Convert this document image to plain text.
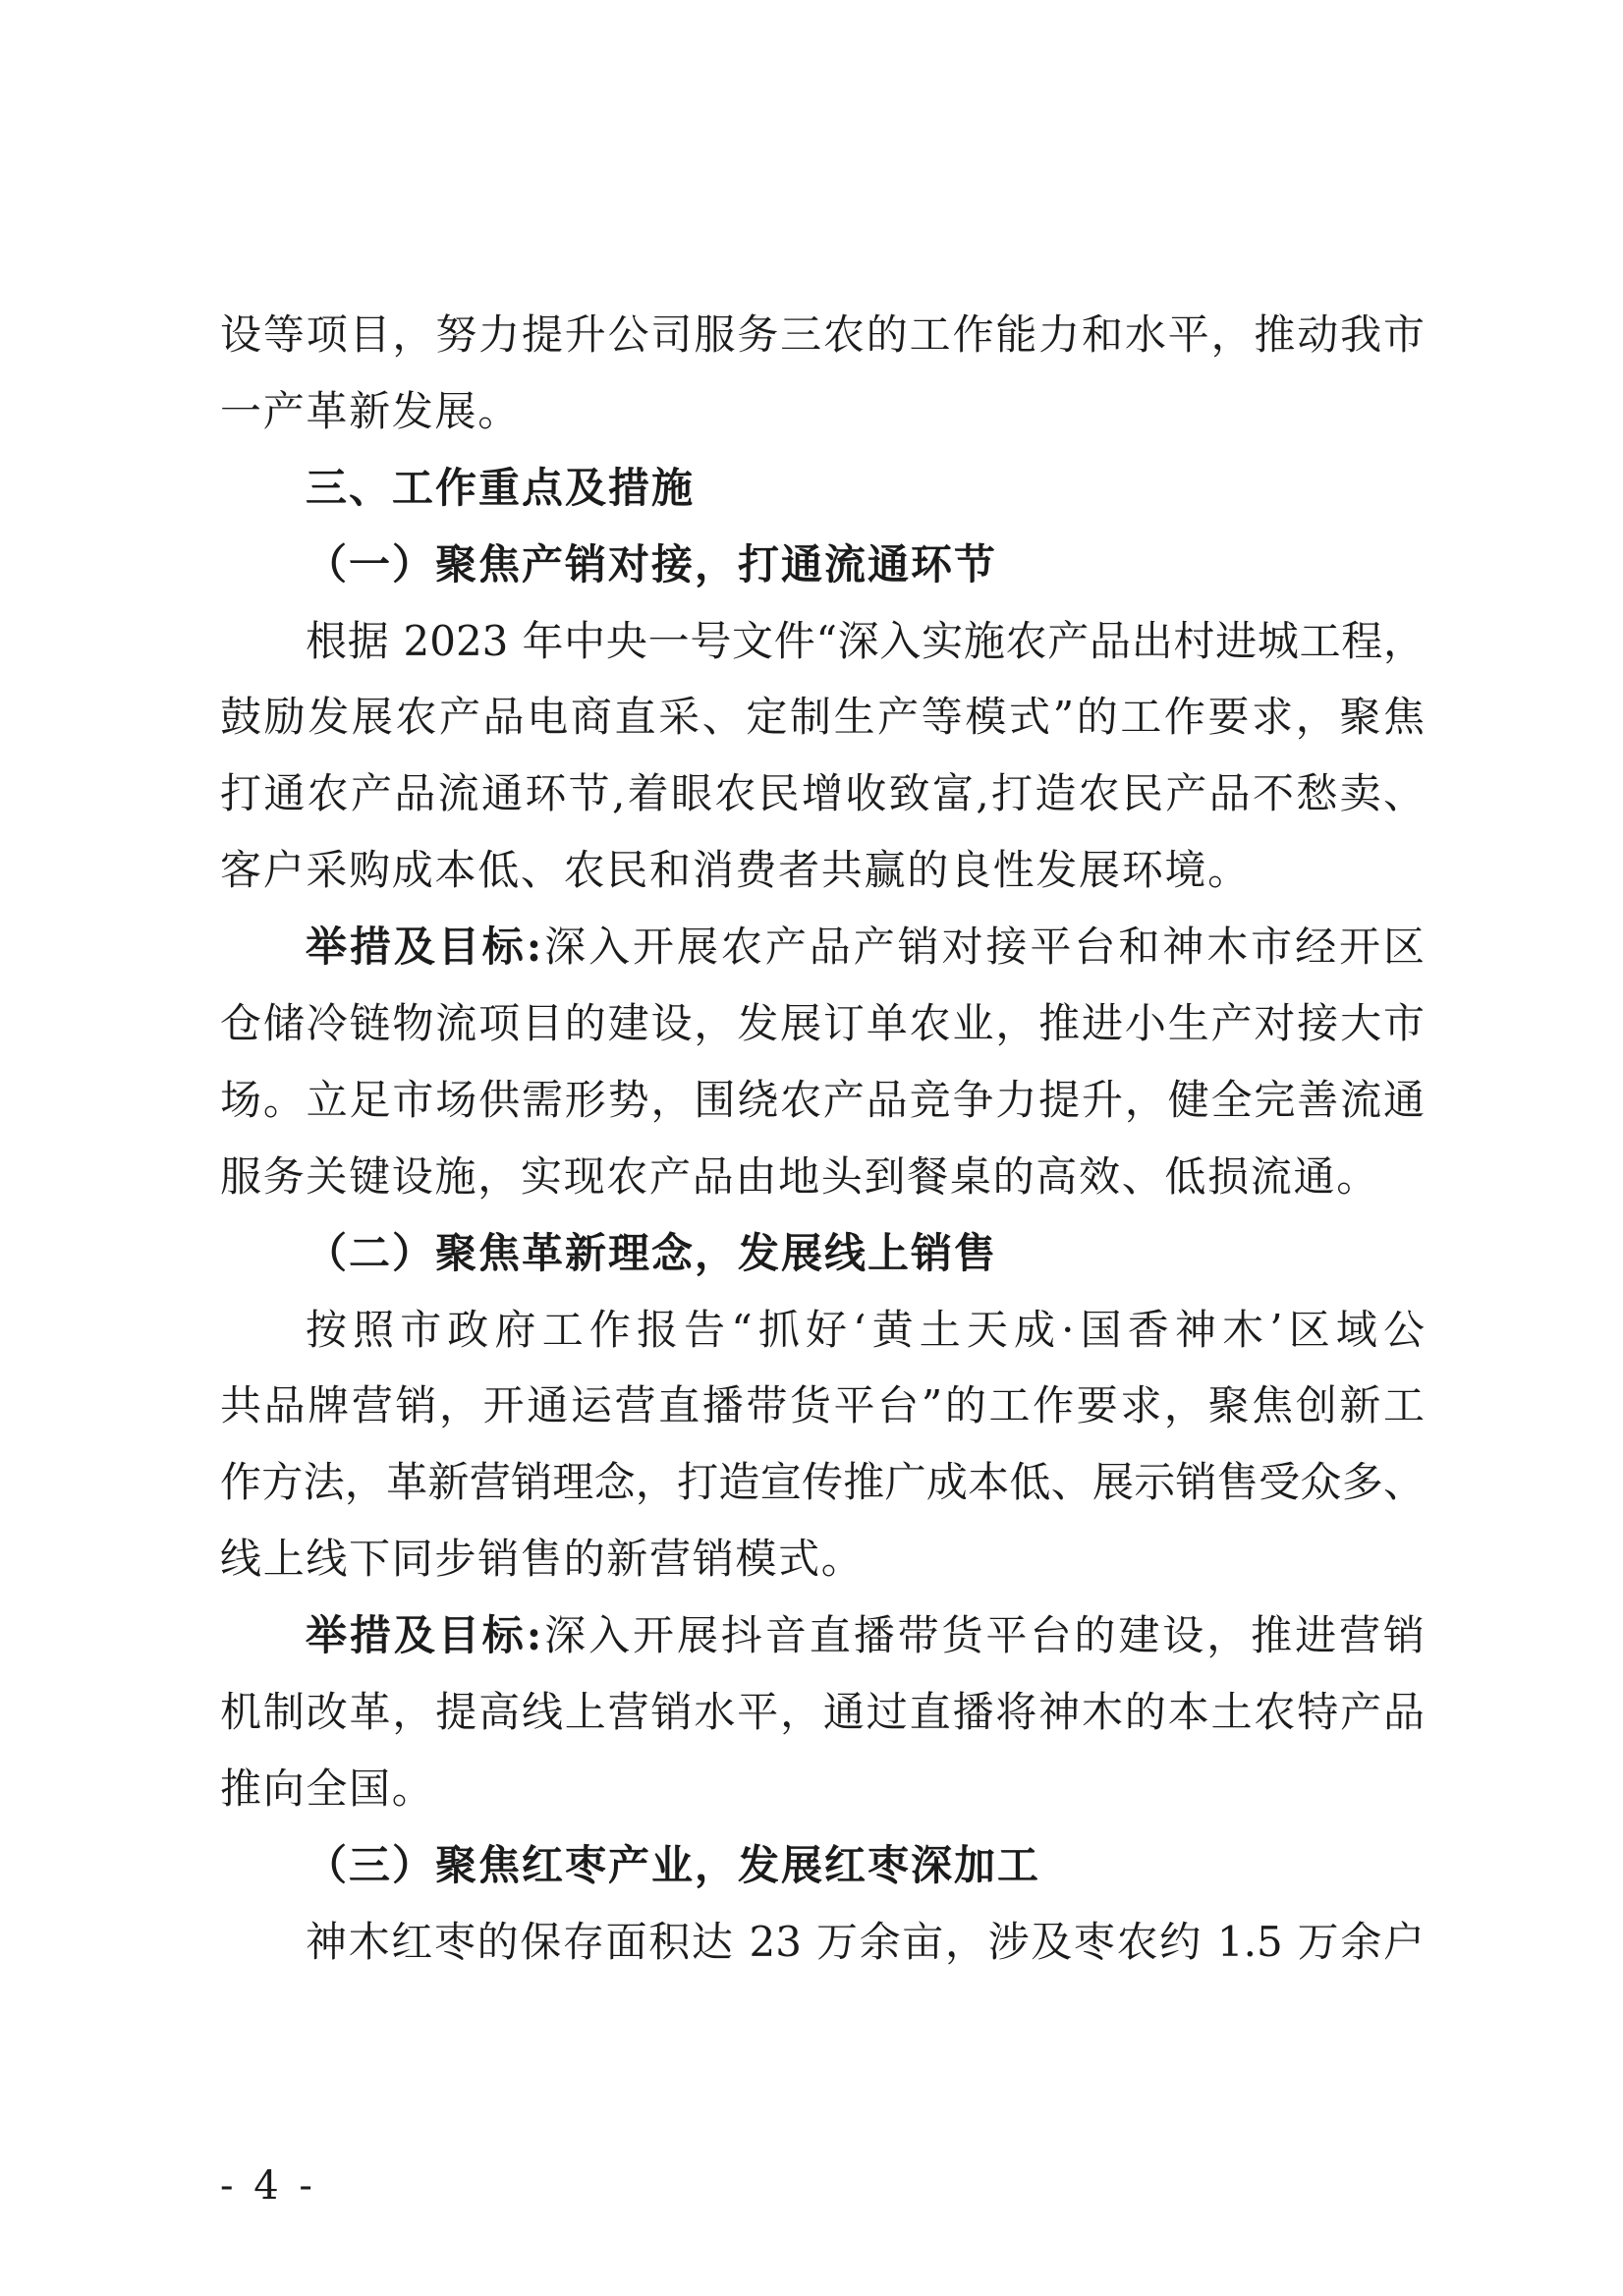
设等项目，努力提升公司服务三农的工作能力和水平，推动我市
一产革新发展。
三、工作重点及措施
（一）聚焦产销对接，打通流通环节
根据 2023 年中央一号文件“深入实施农产品出村进城工程，
鼓励发展农产品电商直采、定制生产等模式”的工作要求，聚焦
打通农产品流通环节,着眼农民增收致富,打造农民产品不愁卖、
客户采购成本低、农民和消费者共赢的良性发展环境。
举措及目标:深入开展农产品产销对接平台和神木市经开区
仓储冷链物流项目的建设，发展订单农业，推进小生产对接大市
场。立足市场供需形势，围绕农产品竞争力提升，健全完善流通
服务关键设施，实现农产品由地头到餐桌的高效、低损流通。
（二）聚焦革新理念，发展线上销售
按照市政府工作报告“抓好‘黄土天成·国香神木’区域公
共品牌营销，开通运营直播带货平台”的工作要求，聚焦创新工
作方法，革新营销理念，打造宣传推广成本低、展示销售受众多、
线上线下同步销售的新营销模式。
举措及目标:深入开展抖音直播带货平台的建设，推进营销
机制改革，提高线上营销水平，通过直播将神木的本土农特产品
推向全国。
（三）聚焦红枣产业，发展红枣深加工
神木红枣的保存面积达 23 万余亩，涉及枣农约 1.5 万余户
- 4 -
